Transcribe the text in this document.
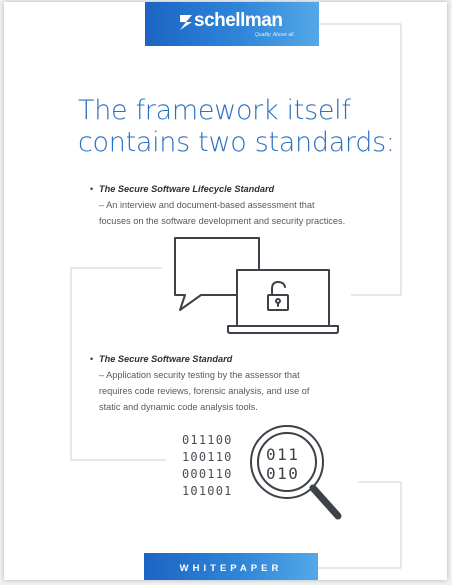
schellman
Quality. Above all.
The framework itself
contains two standards:
• The Secure Software Lifecycle Standard
– An interview and document-based assessment that
focuses on the software development and security practices.
• The Secure Software Standard
– Application security testing by the assessor that
requires code reviews, forensic analysis, and use of
static and dynamic code analysis tools.
011100
100110
000110
101001
011
010
WHITEPAPER
